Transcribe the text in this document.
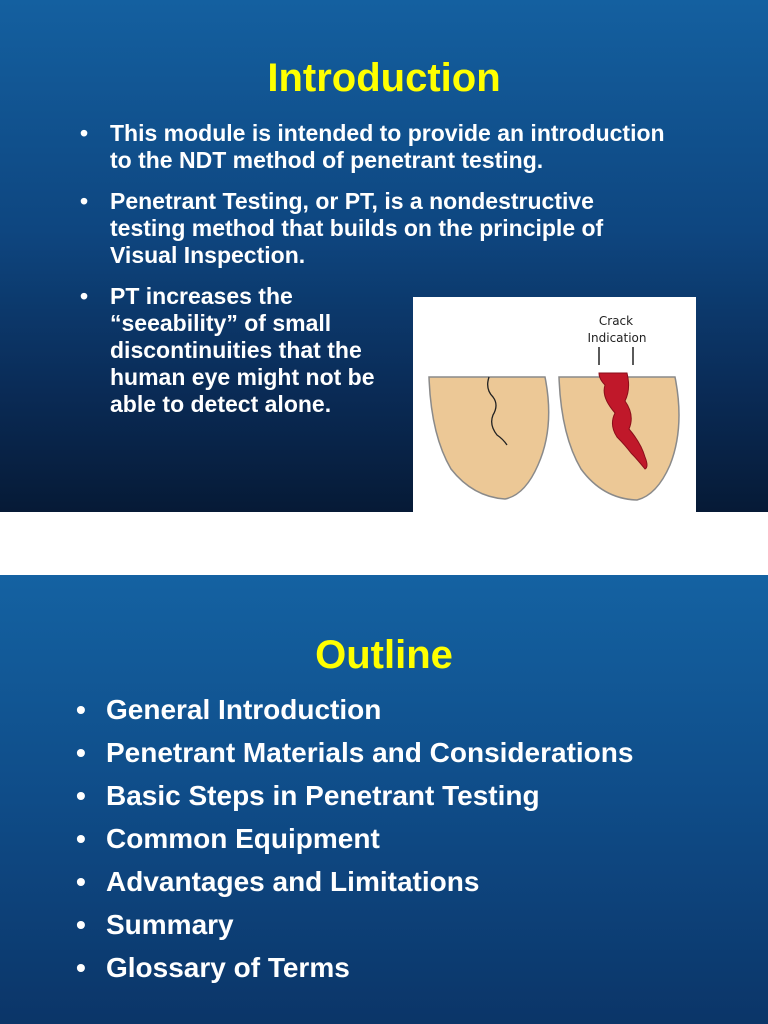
Introduction
• This module is intended to provide an introduction to the NDT method of penetrant testing.
• Penetrant Testing, or PT, is a nondestructive testing method that builds on the principle of Visual Inspection.
• PT increases the “seeability” of small discontinuities that the human eye might not be able to detect alone.
Crack
Indication
Outline
• General Introduction
• Penetrant Materials and Considerations
• Basic Steps in Penetrant Testing
• Common Equipment
• Advantages and Limitations
• Summary
• Glossary of Terms
